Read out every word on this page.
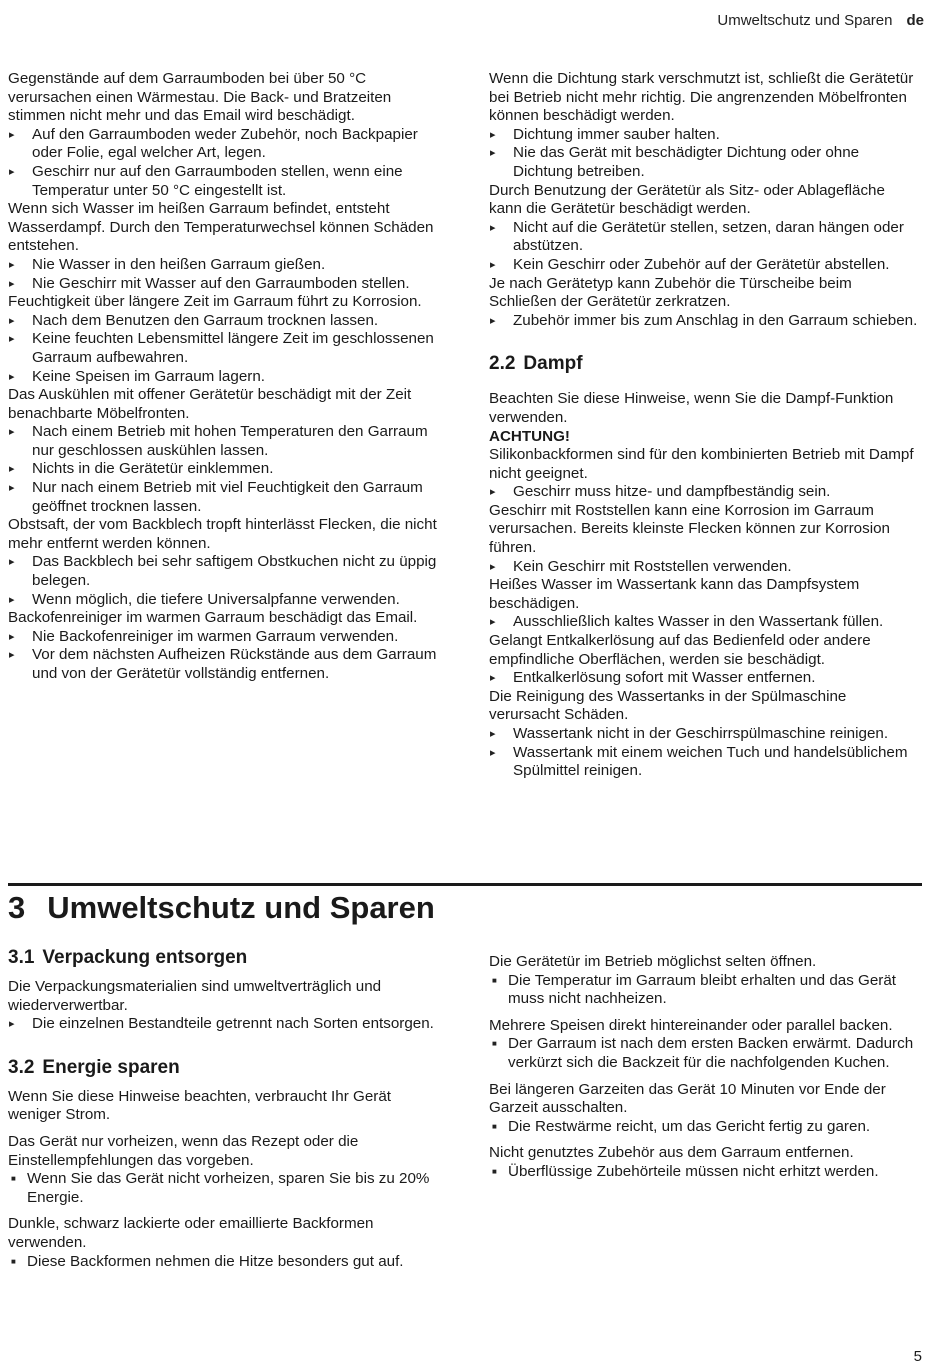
Umweltschutz und Sparen de

Gegenstände auf dem Garraumboden bei über 50 °C verursachen einen Wärmestau. Die Back- und Bratzeiten stimmen nicht mehr und das Email wird beschädigt.

▸ Auf den Garraumboden weder Zubehör, noch Backpapier oder Folie, egal welcher Art, legen.
▸ Geschirr nur auf den Garraumboden stellen, wenn eine Temperatur unter 50 °C eingestellt ist.

Wenn sich Wasser im heißen Garraum befindet, entsteht Wasserdampf. Durch den Temperaturwechsel können Schäden entstehen.

▸ Nie Wasser in den heißen Garraum gießen.
▸ Nie Geschirr mit Wasser auf den Garraumboden stellen.

Feuchtigkeit über längere Zeit im Garraum führt zu Korrosion.

▸ Nach dem Benutzen den Garraum trocknen lassen.
▸ Keine feuchten Lebensmittel längere Zeit im geschlossenen Garraum aufbewahren.
▸ Keine Speisen im Garraum lagern.

Das Auskühlen mit offener Gerätetür beschädigt mit der Zeit benachbarte Möbelfronten.

▸ Nach einem Betrieb mit hohen Temperaturen den Garraum nur geschlossen auskühlen lassen.
▸ Nichts in die Gerätetür einklemmen.
▸ Nur nach einem Betrieb mit viel Feuchtigkeit den Garraum geöffnet trocknen lassen.

Obstsaft, der vom Backblech tropft hinterlässt Flecken, die nicht mehr entfernt werden können.

▸ Das Backblech bei sehr saftigem Obstkuchen nicht zu üppig belegen.
▸ Wenn möglich, die tiefere Universalpfanne verwenden.

Backofenreiniger im warmen Garraum beschädigt das Email.

▸ Nie Backofenreiniger im warmen Garraum verwenden.
▸ Vor dem nächsten Aufheizen Rückstände aus dem Garraum und von der Gerätetür vollständig entfernen.

Wenn die Dichtung stark verschmutzt ist, schließt die Gerätetür bei Betrieb nicht mehr richtig. Die angrenzenden Möbelfronten können beschädigt werden.

▸ Dichtung immer sauber halten.
▸ Nie das Gerät mit beschädigter Dichtung oder ohne Dichtung betreiben.

Durch Benutzung der Gerätetür als Sitz- oder Ablagefläche kann die Gerätetür beschädigt werden.

▸ Nicht auf die Gerätetür stellen, setzen, daran hängen oder abstützen.
▸ Kein Geschirr oder Zubehör auf der Gerätetür abstellen.

Je nach Gerätetyp kann Zubehör die Türscheibe beim Schließen der Gerätetür zerkratzen.

▸ Zubehör immer bis zum Anschlag in den Garraum schieben.
2.2 Dampf

Beachten Sie diese Hinweise, wenn Sie die Dampf-Funktion verwenden.

ACHTUNG!

Silikonbackformen sind für den kombinierten Betrieb mit Dampf nicht geeignet.

▸ Geschirr muss hitze- und dampfbeständig sein.

Geschirr mit Roststellen kann eine Korrosion im Garraum verursachen. Bereits kleinste Flecken können zur Korrosion führen.

▸ Kein Geschirr mit Roststellen verwenden.

Heißes Wasser im Wassertank kann das Dampfsystem beschädigen.

▸ Ausschließlich kaltes Wasser in den Wassertank füllen.

Gelangt Entkalkerlösung auf das Bedienfeld oder andere empfindliche Oberflächen, werden sie beschädigt.

▸ Entkalkerlösung sofort mit Wasser entfernen.

Die Reinigung des Wassertanks in der Spülmaschine verursacht Schäden.

▸ Wassertank nicht in der Geschirrspülmaschine reinigen.
▸ Wassertank mit einem weichen Tuch und handelsüblichem Spülmittel reinigen.
3 Umweltschutz und Sparen
3.1 Verpackung entsorgen

Die Verpackungsmaterialien sind umweltverträglich und wiederverwertbar.

▸ Die einzelnen Bestandteile getrennt nach Sorten entsorgen.
3.2 Energie sparen

Wenn Sie diese Hinweise beachten, verbraucht Ihr Gerät weniger Strom.

Das Gerät nur vorheizen, wenn das Rezept oder die Einstellempfehlungen das vorgeben.

■ Wenn Sie das Gerät nicht vorheizen, sparen Sie bis zu 20% Energie.

Dunkle, schwarz lackierte oder emaillierte Backformen verwenden.

■ Diese Backformen nehmen die Hitze besonders gut auf.

Die Gerätetür im Betrieb möglichst selten öffnen.

■ Die Temperatur im Garraum bleibt erhalten und das Gerät muss nicht nachheizen.

Mehrere Speisen direkt hintereinander oder parallel backen.

■ Der Garraum ist nach dem ersten Backen erwärmt. Dadurch verkürzt sich die Backzeit für die nachfolgenden Kuchen.

Bei längeren Garzeiten das Gerät 10 Minuten vor Ende der Garzeit ausschalten.

■ Die Restwärme reicht, um das Gericht fertig zu garen.

Nicht genutztes Zubehör aus dem Garraum entfernen.

■ Überflüssige Zubehörteile müssen nicht erhitzt werden.
5
